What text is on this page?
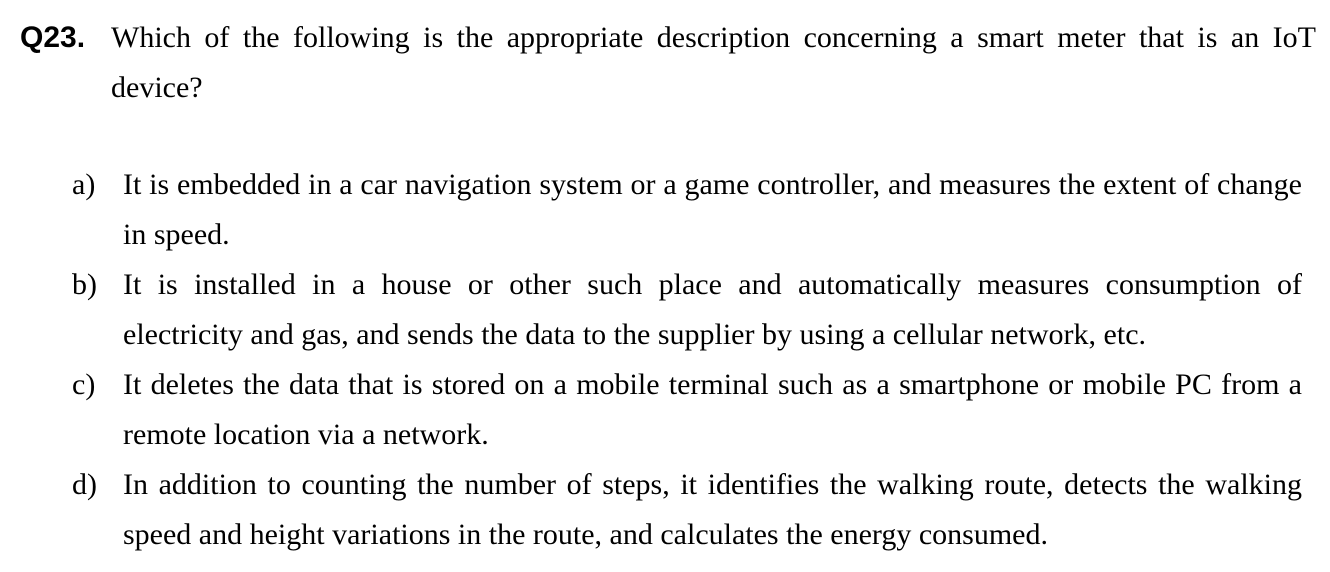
Q23. Which of the following is the appropriate description concerning a smart meter that is an IoT device?
a) It is embedded in a car navigation system or a game controller, and measures the extent of change in speed.
b) It is installed in a house or other such place and automatically measures consumption of electricity and gas, and sends the data to the supplier by using a cellular network, etc.
c) It deletes the data that is stored on a mobile terminal such as a smartphone or mobile PC from a remote location via a network.
d) In addition to counting the number of steps, it identifies the walking route, detects the walking speed and height variations in the route, and calculates the energy consumed.
